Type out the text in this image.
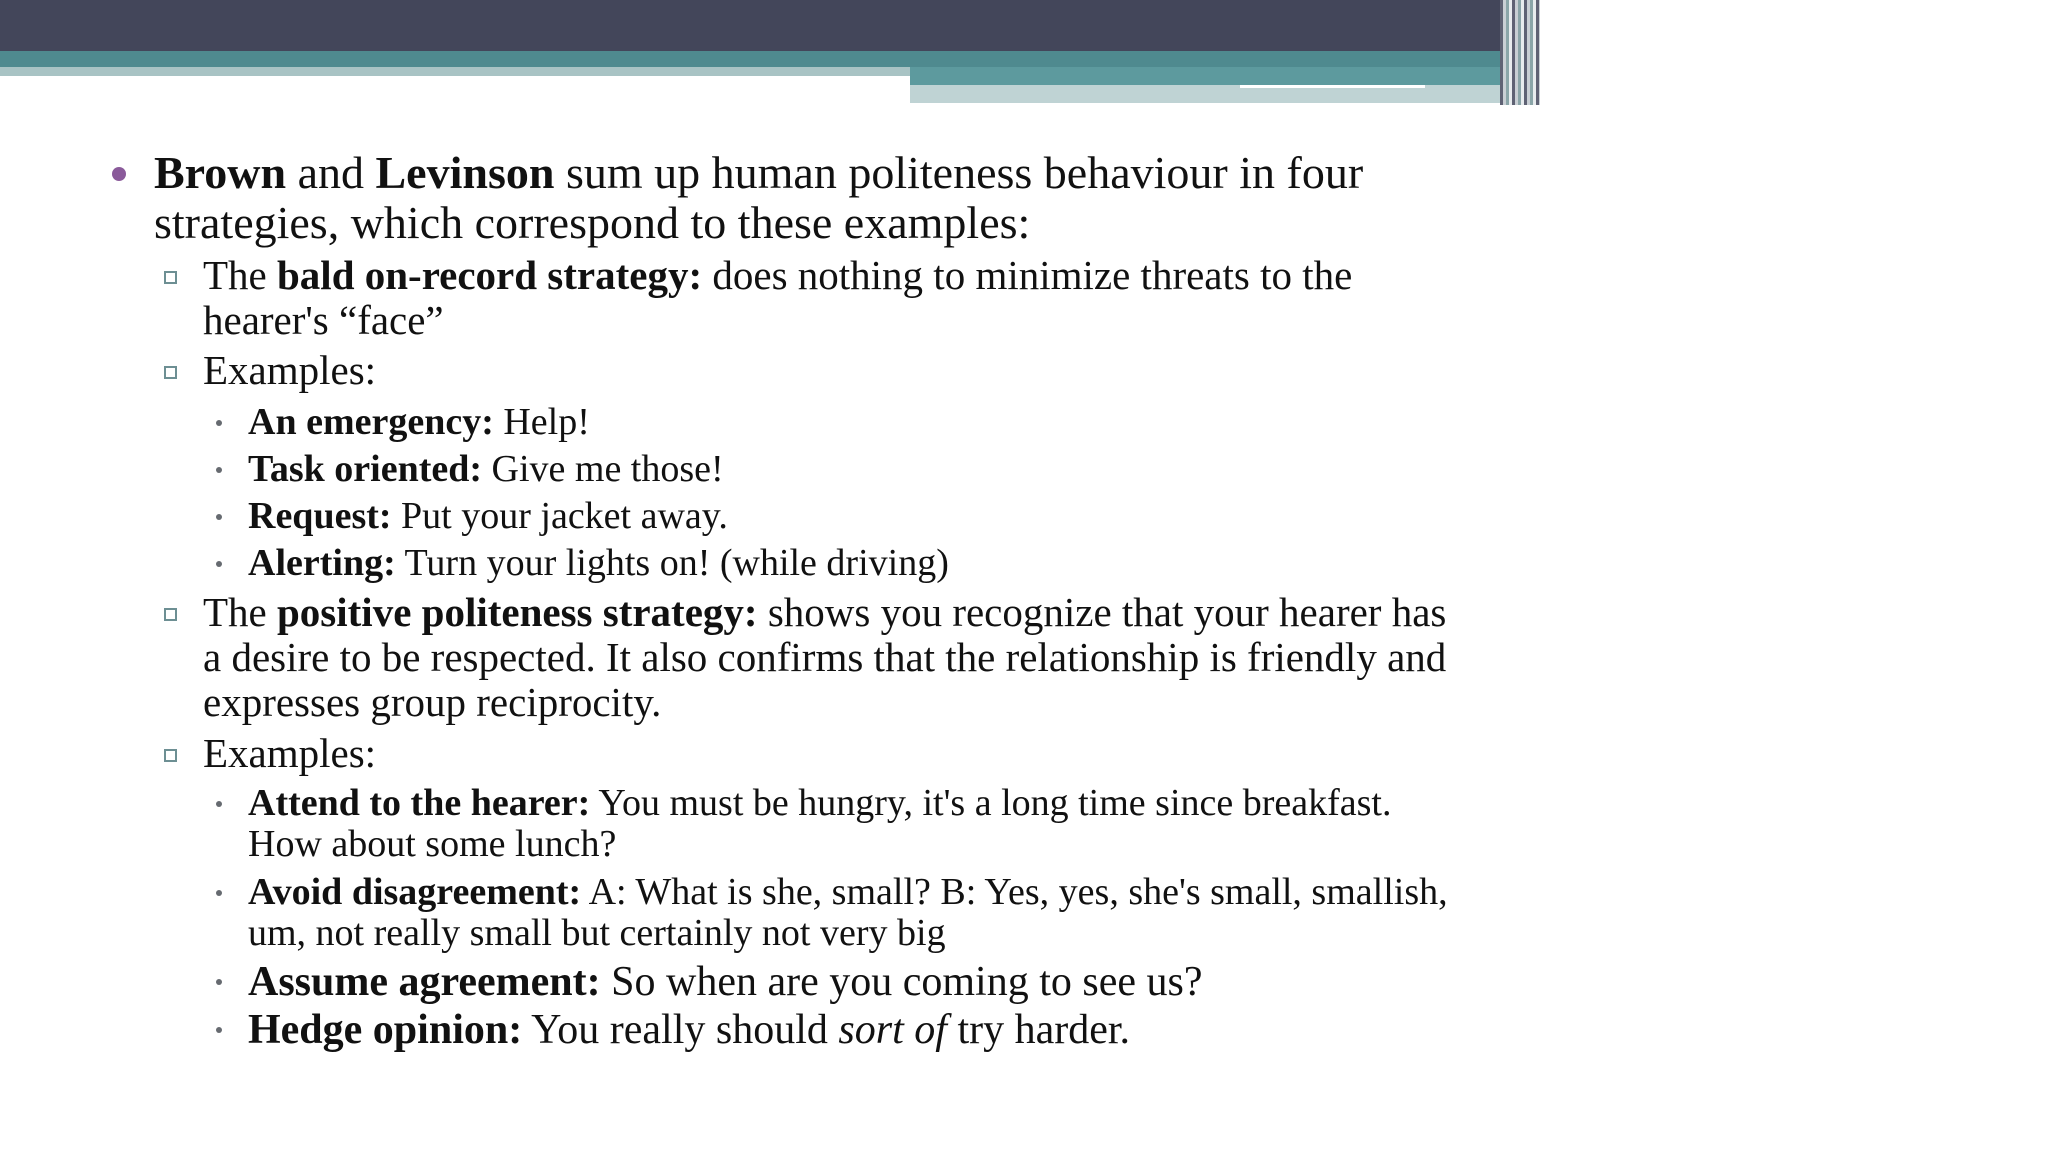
Brown and Levinson sum up human politeness behaviour in four strategies, which correspond to these examples:
The bald on-record strategy: does nothing to minimize threats to the hearer's “face”
Examples:
An emergency: Help!
Task oriented: Give me those!
Request: Put your jacket away.
Alerting: Turn your lights on! (while driving)
The positive politeness strategy: shows you recognize that your hearer has a desire to be respected. It also confirms that the relationship is friendly and expresses group reciprocity.
Examples:
Attend to the hearer: You must be hungry, it's a long time since breakfast. How about some lunch?
Avoid disagreement: A: What is she, small? B: Yes, yes, she's small, smallish, um, not really small but certainly not very big
Assume agreement: So when are you coming to see us?
Hedge opinion: You really should sort of try harder.
